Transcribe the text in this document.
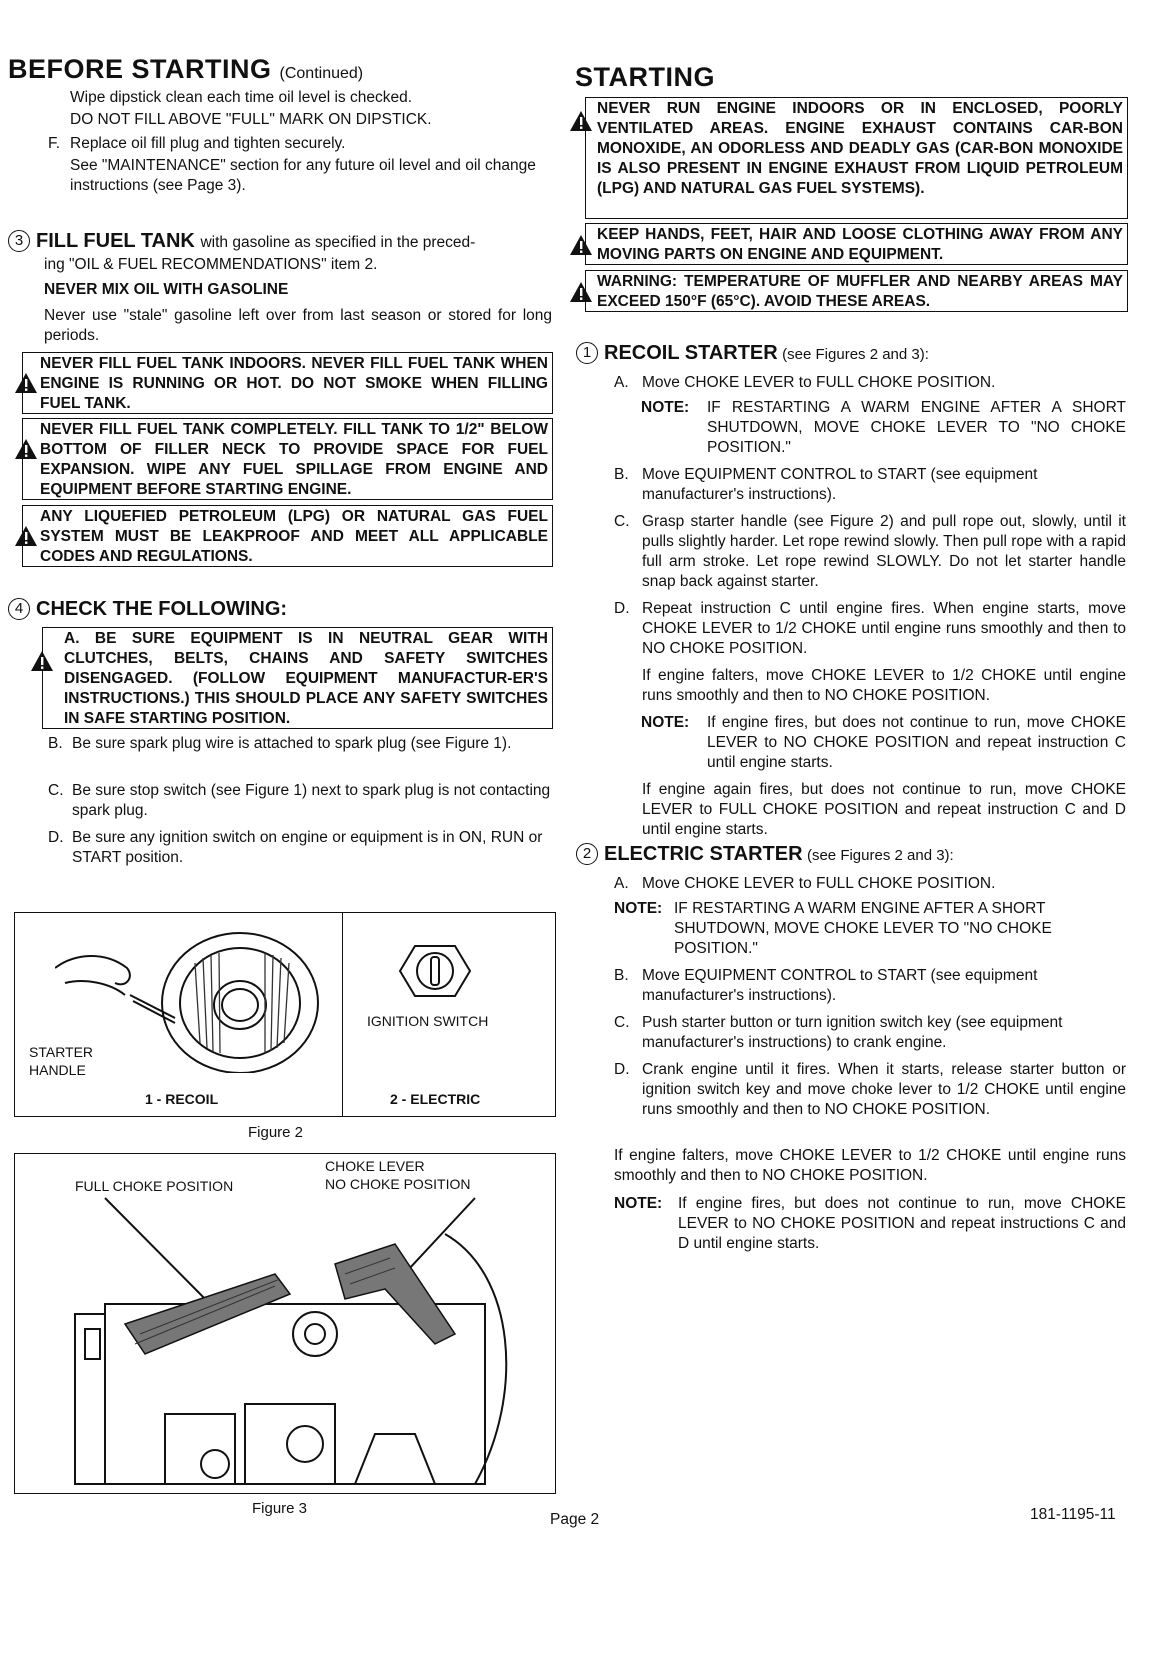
BEFORE STARTING (Continued)
Wipe dipstick clean each time oil level is checked.
DO NOT FILL ABOVE "FULL" MARK ON DIPSTICK.
F. Replace oil fill plug and tighten securely.
See "MAINTENANCE" section for any future oil level and oil change instructions (see Page 3).
3 FILL FUEL TANK with gasoline as specified in the preced-
ing "OIL & FUEL RECOMMENDATIONS" item 2.
NEVER MIX OIL WITH GASOLINE
Never use "stale" gasoline left over from last season or stored for long periods.
NEVER FILL FUEL TANK INDOORS. NEVER FILL FUEL TANK WHEN ENGINE IS RUNNING OR HOT. DO NOT SMOKE WHEN FILLING FUEL TANK.
NEVER FILL FUEL TANK COMPLETELY. FILL TANK TO 1/2" BELOW BOTTOM OF FILLER NECK TO PROVIDE SPACE FOR FUEL EXPANSION. WIPE ANY FUEL SPILLAGE FROM ENGINE AND EQUIPMENT BEFORE STARTING ENGINE.
ANY LIQUEFIED PETROLEUM (LPG) OR NATURAL GAS FUEL SYSTEM MUST BE LEAKPROOF AND MEET ALL APPLICABLE CODES AND REGULATIONS.
4 CHECK THE FOLLOWING:
A. BE SURE EQUIPMENT IS IN NEUTRAL GEAR WITH CLUTCHES, BELTS, CHAINS AND SAFETY SWITCHES DISENGAGED. (FOLLOW EQUIPMENT MANUFACTUR-ER'S INSTRUCTIONS.) THIS SHOULD PLACE ANY SAFETY SWITCHES IN SAFE STARTING POSITION.
B. Be sure spark plug wire is attached to spark plug (see Figure 1).
C. Be sure stop switch (see Figure 1) next to spark plug is not contacting spark plug.
D. Be sure any ignition switch on engine or equipment is in ON, RUN or START position.
STARTER HANDLE
1 - RECOIL
IGNITION SWITCH
2 - ELECTRIC
Figure 2
FULL CHOKE POSITION
CHOKE LEVER
NO CHOKE POSITION
Figure 3
STARTING
NEVER RUN ENGINE INDOORS OR IN ENCLOSED, POORLY VENTILATED AREAS. ENGINE EXHAUST CONTAINS CAR-BON MONOXIDE, AN ODORLESS AND DEADLY GAS (CAR-BON MONOXIDE IS ALSO PRESENT IN ENGINE EXHAUST FROM LIQUID PETROLEUM (LPG) AND NATURAL GAS FUEL SYSTEMS).
KEEP HANDS, FEET, HAIR AND LOOSE CLOTHING AWAY FROM ANY MOVING PARTS ON ENGINE AND EQUIPMENT.
WARNING: TEMPERATURE OF MUFFLER AND NEARBY AREAS MAY EXCEED 150°F (65°C). AVOID THESE AREAS.
1 RECOIL STARTER (see Figures 2 and 3):
A. Move CHOKE LEVER to FULL CHOKE POSITION.
NOTE: IF RESTARTING A WARM ENGINE AFTER A SHORT SHUTDOWN, MOVE CHOKE LEVER TO "NO CHOKE POSITION."
B. Move EQUIPMENT CONTROL to START (see equipment manufacturer's instructions).
C. Grasp starter handle (see Figure 2) and pull rope out, slowly, until it pulls slightly harder. Let rope rewind slowly. Then pull rope with a rapid full arm stroke. Let rope rewind SLOWLY. Do not let starter handle snap back against starter.
D. Repeat instruction C until engine fires. When engine starts, move CHOKE LEVER to 1/2 CHOKE until engine runs smoothly and then to NO CHOKE POSITION.
If engine falters, move CHOKE LEVER to 1/2 CHOKE until engine runs smoothly and then to NO CHOKE POSITION.
NOTE: If engine fires, but does not continue to run, move CHOKE LEVER to NO CHOKE POSITION and repeat instruction C until engine starts.
If engine again fires, but does not continue to run, move CHOKE LEVER to FULL CHOKE POSITION and repeat instruction C and D until engine starts.
2 ELECTRIC STARTER (see Figures 2 and 3):
A. Move CHOKE LEVER to FULL CHOKE POSITION.
NOTE: IF RESTARTING A WARM ENGINE AFTER A SHORT SHUTDOWN, MOVE CHOKE LEVER TO "NO CHOKE POSITION."
B. Move EQUIPMENT CONTROL to START (see equipment manufacturer's instructions).
C. Push starter button or turn ignition switch key (see equipment manufacturer's instructions) to crank engine.
D. Crank engine until it fires. When it starts, release starter button or ignition switch key and move choke lever to 1/2 CHOKE until engine runs smoothly and then to NO CHOKE POSITION.
If engine falters, move CHOKE LEVER to 1/2 CHOKE until engine runs smoothly and then to NO CHOKE POSITION.
NOTE: If engine fires, but does not continue to run, move CHOKE LEVER to NO CHOKE POSITION and repeat instructions C and D until engine starts.
Page 2	181-1195-11
